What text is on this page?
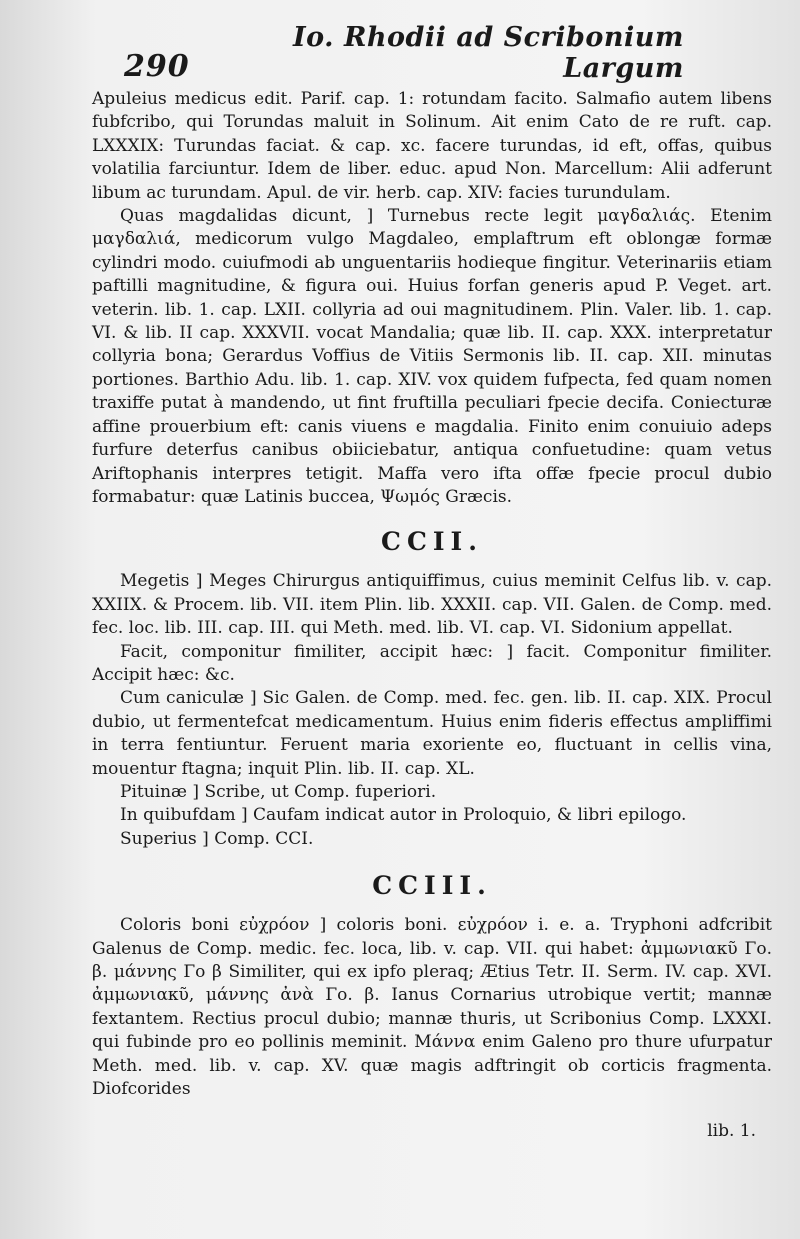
290
Io. Rhodii ad Scribonium Largum

Apuleius medicus edit. Parif. cap. 1: rotundam facito. Salmafio autem libens fubfcribo, qui Torundas maluit in Solinum. Ait enim Cato de re ruft. cap. LXXXIX: Turundas faciat. & cap. xc. facere turundas, id eft, offas, quibus volatilia farciuntur. Idem de liber. educ. apud Non. Marcellum: Alii adferunt libum ac turundam. Apul. de vir. herb. cap. XIV: facies turundulam.

Quas magdalidas dicunt, ] Turnebus recte legit μαγδαλιάς. Etenim μαγδαλιά, medicorum vulgo Magdaleo, emplaftrum eft oblongæ formæ cylindri modo. cuiufmodi ab unguentariis hodieque fingitur. Veterinariis etiam paftilli magnitudine, & figura oui. Huius forfan generis apud P. Veget. art. veterin. lib. 1. cap. LXII. collyria ad oui magnitudinem. Plin. Valer. lib. 1. cap. VI. & lib. II cap. XXXVII. vocat Mandalia; quæ lib. II. cap. XXX. interpretatur collyria bona; Gerardus Voffius de Vitiis Sermonis lib. II. cap. XII. minutas portiones. Barthio Adu. lib. 1. cap. XIV. vox quidem fufpecta, fed quam nomen traxiffe putat à mandendo, ut fint fruftilla peculiari fpecie decifa. Coniecturæ affine prouerbium eft: canis viuens e magdalia. Finito enim conuiuio adeps furfure deterfus canibus obiiciebatur, antiqua confuetudine: quam vetus Ariftophanis interpres tetigit. Maffa vero ifta offæ fpecie procul dubio formabatur: quæ Latinis buccea, Ψωμός Græcis.

CCII.

Megetis ] Meges Chirurgus antiquiffimus, cuius meminit Celfus lib. v. cap. XXIIX. & Procem. lib. VII. item Plin. lib. XXXII. cap. VII. Galen. de Comp. med. fec. loc. lib. III. cap. III. qui Meth. med. lib. VI. cap. VI. Sidonium appellat.

Facit, componitur fimiliter, accipit hæc: ] facit. Componitur fimiliter. Accipit hæc: &c.

Cum caniculæ ] Sic Galen. de Comp. med. fec. gen. lib. II. cap. XIX. Procul dubio, ut fermentefcat medicamentum. Huius enim fideris effectus ampliffimi in terra fentiuntur. Feruent maria exoriente eo, fluctuant in cellis vina, mouentur ftagna; inquit Plin. lib. II. cap. XL.

Pituinæ ] Scribe, ut Comp. fuperiori.

In quibufdam ] Caufam indicat autor in Proloquio, & libri epilogo.

Superius ] Comp. CCI.

CCIII.

Coloris boni εὐχρόον ] coloris boni. εὐχρόον i. e. a. Tryphoni adfcribit Galenus de Comp. medic. fec. loca, lib. v. cap. VII. qui habet: ἀμμωνιακῦ Γο. β. μάννης Γο β Similiter, qui ex ipfo pleraq; Ætius Tetr. II. Serm. IV. cap. XVI. ἀμμωνιακῦ, μάννης ἀνὰ Γο. β. Ianus Cornarius utrobique vertit; mannæ fextantem. Rectius procul dubio; mannæ thuris, ut Scribonius Comp. LXXXI. qui fubinde pro eo pollinis meminit. Μάννα enim Galeno pro thure ufurpatur Meth. med. lib. v. cap. XV. quæ magis adftringit ob corticis fragmenta. Diofcorides

lib. 1.
